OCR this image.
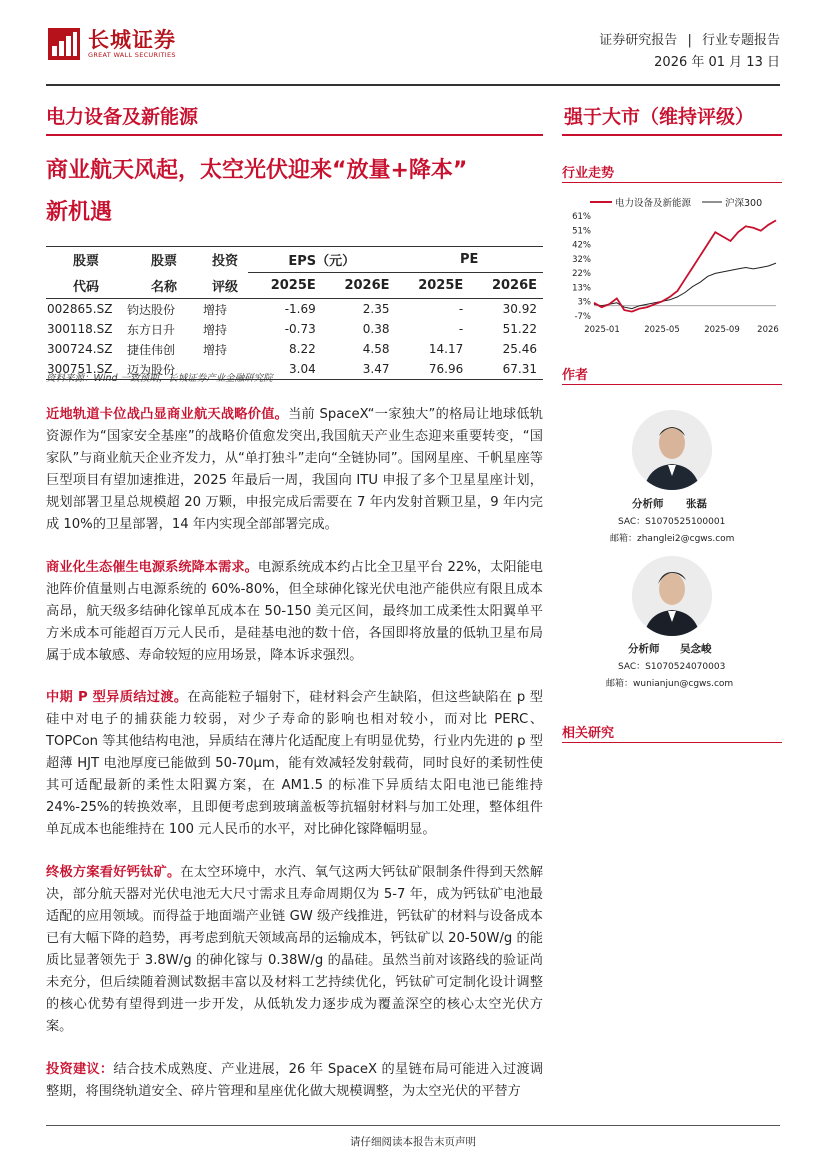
长城证券
GREAT WALL SECURITIES
证券研究报告 | 行业专题报告
2026 年 01 月 13 日
电力设备及新能源	强于大市（维持评级）
商业航天风起，太空光伏迎来“放量+降本”
新机遇
股票	股票	投资	EPS（元）		PE	
代码	名称	评级	2025E	2026E	2025E	2026E
002865.SZ	钧达股份	增持	-1.69	2.35	-	30.92
300118.SZ	东方日升	增持	-0.73	0.38	-	51.22
300724.SZ	捷佳伟创	增持	8.22	4.58	14.17	25.46
300751.SZ	迈为股份		3.04	3.47	76.96	67.31
资料来源：Wind 一致预期，长城证券产业金融研究院
近地轨道卡位战凸显商业航天战略价值。当前 SpaceX“一家独大”的格局让地球低轨资源作为“国家安全基座”的战略价值愈发突出,我国航天产业生态迎来重要转变，“国家队”与商业航天企业齐发力，从“单打独斗”走向“全链协同”。国网星座、千帆星座等巨型项目有望加速推进，2025 年最后一周，我国向 ITU 申报了多个卫星星座计划，规划部署卫星总规模超 20 万颗，申报完成后需要在 7 年内发射首颗卫星，9 年内完成 10%的卫星部署，14 年内实现全部部署完成。
商业化生态催生电源系统降本需求。电源系统成本约占比全卫星平台 22%，太阳能电池阵价值量则占电源系统的 60%-80%，但全球砷化镓光伏电池产能供应有限且成本高昂，航天级多结砷化镓单瓦成本在 50-150 美元区间，最终加工成柔性太阳翼单平方米成本可能超百万元人民币，是硅基电池的数十倍，各国即将放量的低轨卫星布局属于成本敏感、寿命较短的应用场景，降本诉求强烈。
中期 P 型异质结过渡。在高能粒子辐射下，硅材料会产生缺陷，但这些缺陷在 p 型硅中对电子的捕获能力较弱，对少子寿命的影响也相对较小，而对比 PERC、TOPCon 等其他结构电池，异质结在薄片化适配度上有明显优势，行业内先进的 p 型超薄 HJT 电池厚度已能做到 50-70μm，能有效减轻发射载荷，同时良好的柔韧性使其可适配最新的柔性太阳翼方案，在 AM1.5 的标准下异质结太阳电池已能维持 24%-25%的转换效率，且即便考虑到玻璃盖板等抗辐射材料与加工处理，整体组件单瓦成本也能维持在 100 元人民币的水平，对比砷化镓降幅明显。
终极方案看好钙钛矿。在太空环境中，水汽、氧气这两大钙钛矿限制条件得到天然解决，部分航天器对光伏电池无大尺寸需求且寿命周期仅为 5-7 年，成为钙钛矿电池最适配的应用领域。而得益于地面端产业链 GW 级产线推进，钙钛矿的材料与设备成本已有大幅下降的趋势，再考虑到航天领域高昂的运输成本，钙钛矿以 20-50W/g 的能质比显著领先于 3.8W/g 的砷化镓与 0.38W/g 的晶硅。虽然当前对该路线的验证尚未充分，但后续随着测试数据丰富以及材料工艺持续优化，钙钛矿可定制化设计调整的核心优势有望得到进一步开发，从低轨发力逐步成为覆盖深空的核心太空光伏方案。
投资建议：结合技术成熟度、产业进展，26 年 SpaceX 的星链布局可能进入过渡调整期，将围绕轨道安全、碎片管理和星座优化做大规模调整，为太空光伏的平替方
行业走势
电力设备及新能源	沪深300
61%
51%
42%
32%
22%
13%
3%
-7%
2025-01	2025-05	2025-09 2026
作者
分析师 张磊
SAC：S1070525100001
邮箱：zhanglei2@cgws.com
分析师 吴念峻
SAC：S1070524070003
邮箱：wunianjun@cgws.com
相关研究
请仔细阅读本报告末页声明
